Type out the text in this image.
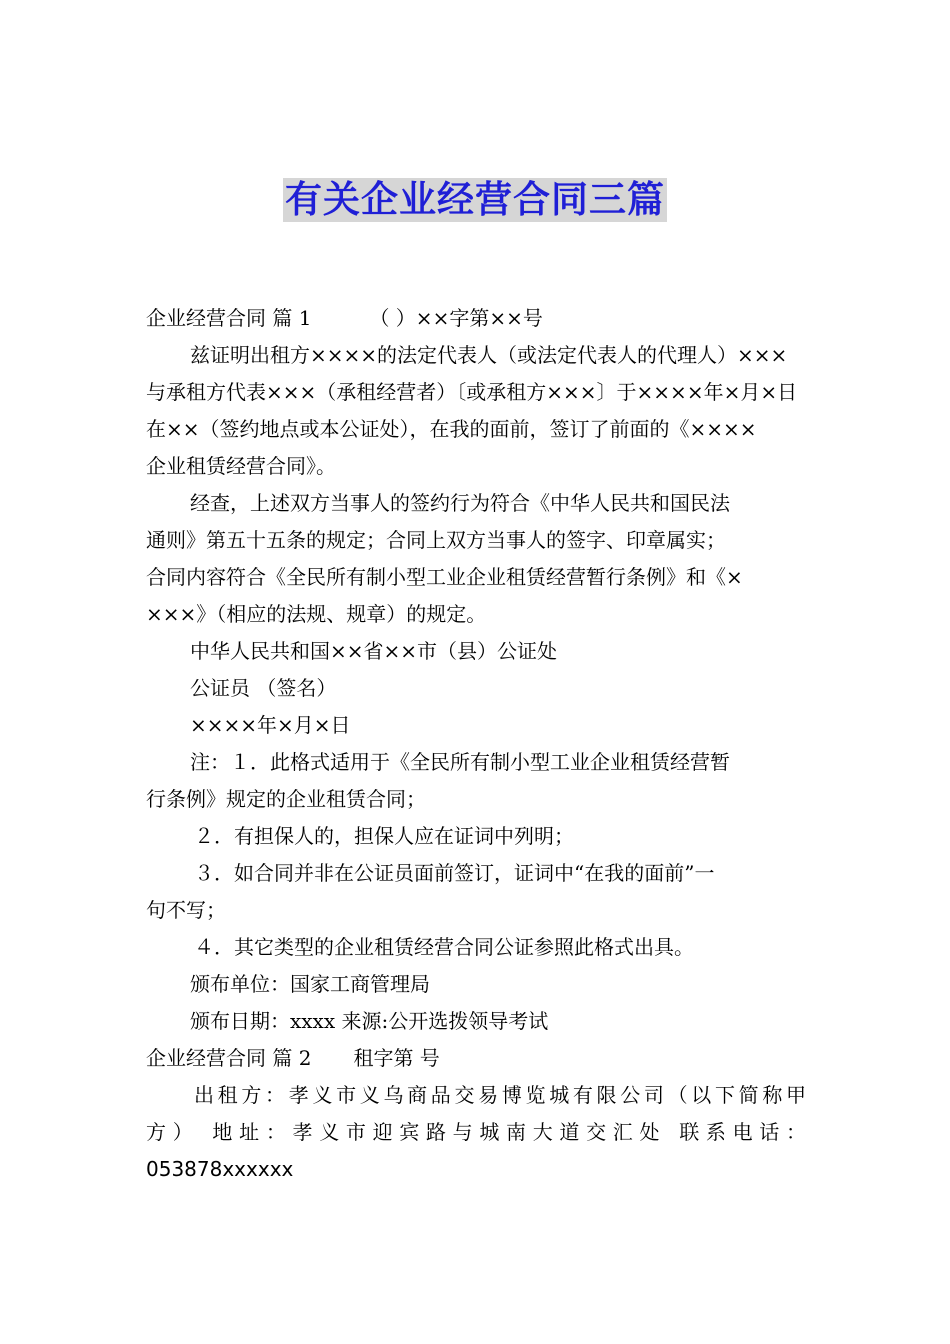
有关企业经营合同三篇
企业经营合同 篇 1	（ ）××字第××号
兹证明出租方××××的法定代表人（或法定代表人的代理人）×××
与承租方代表×××（承租经营者）〔或承租方×××〕于××××年×月×日
在××（签约地点或本公证处），在我的面前，签订了前面的《××××
企业租赁经营合同》。
经查，上述双方当事人的签约行为符合《中华人民共和国民法
通则》第五十五条的规定；合同上双方当事人的签字、印章属实；
合同内容符合《全民所有制小型工业企业租赁经营暂行条例》和《×
×××》（相应的法规、规章）的规定。
中华人民共和国××省××市（县）公证处
公证员 （签名）
××××年×月×日
注：１．此格式适用于《全民所有制小型工业企业租赁经营暂
行条例》规定的企业租赁合同；
２．有担保人的，担保人应在证词中列明；
３．如合同并非在公证员面前签订，证词中“在我的面前”一
句不写；
４．其它类型的企业租赁经营合同公证参照此格式出具。
颁布单位：国家工商管理局
颁布日期：xxxx 来源:公开选拨领导考试
企业经营合同 篇 2 租字第 号
出租方：孝义市义乌商品交易博览城有限公司（以下简称甲
方） 地址：孝义市迎宾路与城南大道交汇处 联系电话：
053878xxxxxx
